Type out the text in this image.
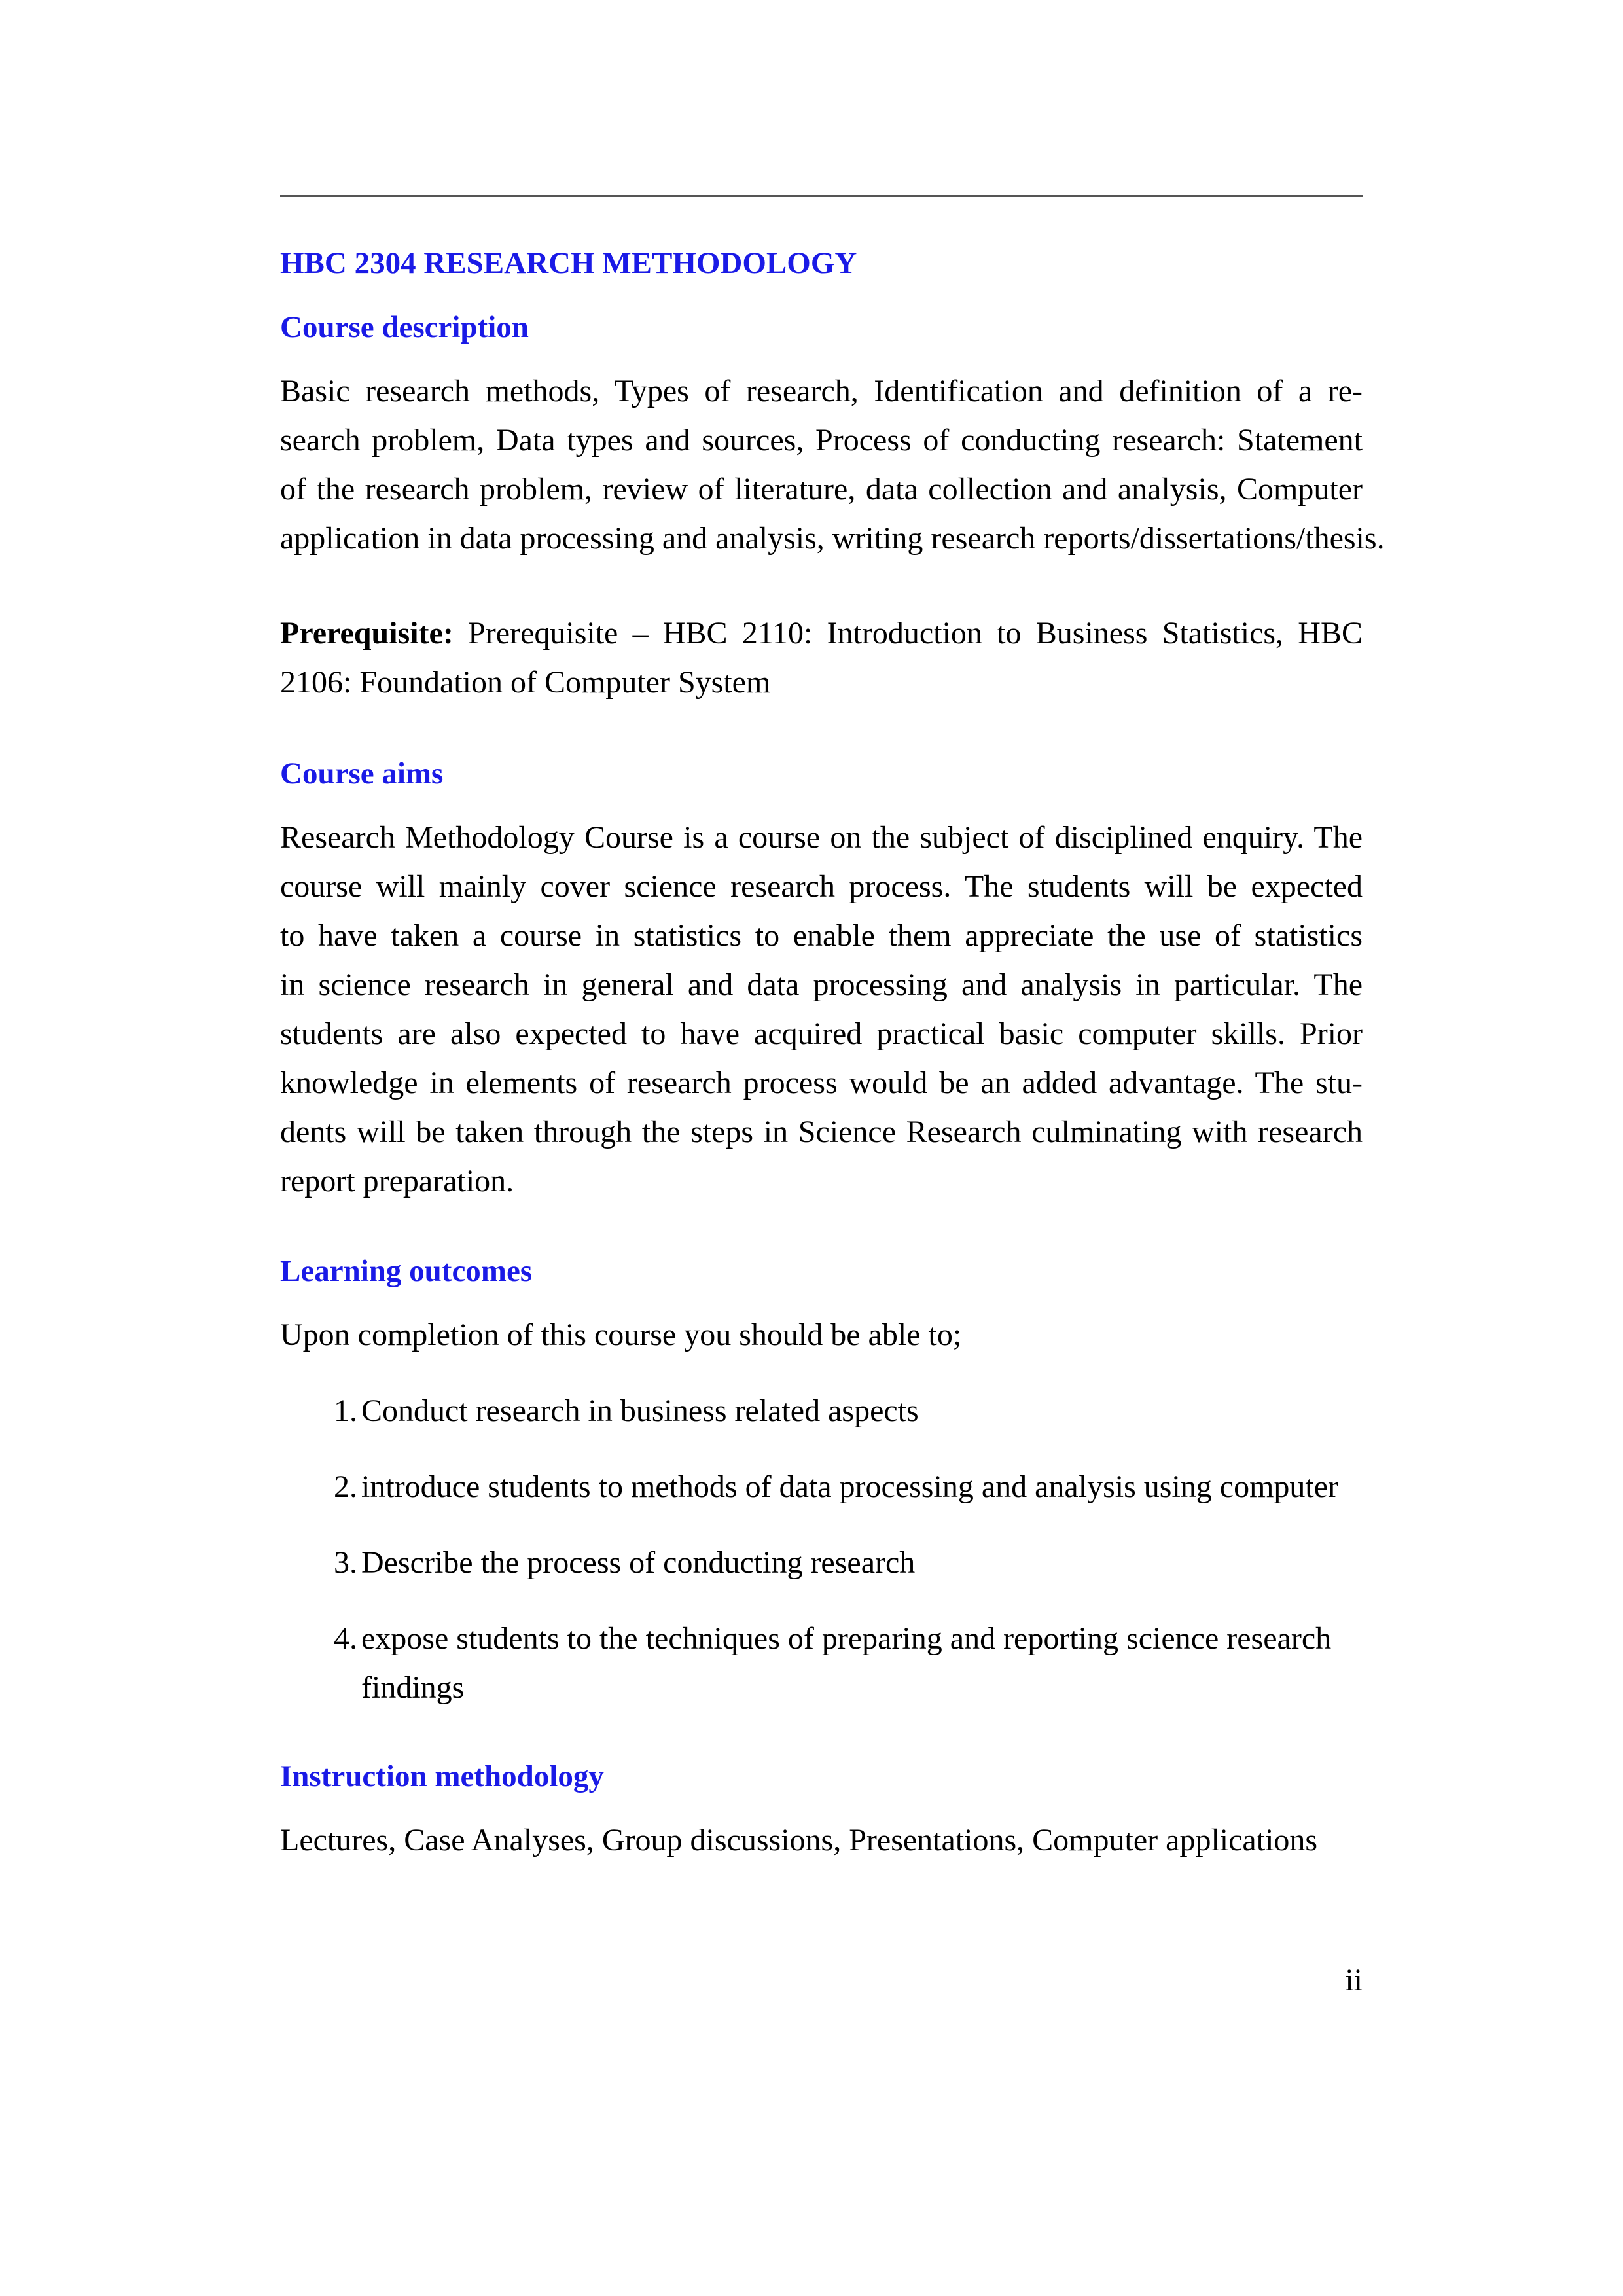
HBC 2304 RESEARCH METHODOLOGY
Course description

Basic research methods, Types of research, Identification and definition of a re-
search problem, Data types and sources, Process of conducting research: Statement
of the research problem, review of literature, data collection and analysis, Computer
application in data processing and analysis, writing research reports/dissertations/thesis.

Prerequisite: Prerequisite – HBC 2110: Introduction to Business Statistics, HBC
2106: Foundation of Computer System

Course aims

Research Methodology Course is a course on the subject of disciplined enquiry. The
course will mainly cover science research process. The students will be expected
to have taken a course in statistics to enable them appreciate the use of statistics
in science research in general and data processing and analysis in particular. The
students are also expected to have acquired practical basic computer skills. Prior
knowledge in elements of research process would be an added advantage. The stu-
dents will be taken through the steps in Science Research culminating with research
report preparation.

Learning outcomes

Upon completion of this course you should be able to;

1. Conduct research in business related aspects
2. introduce students to methods of data processing and analysis using computer
3. Describe the process of conducting research
4. expose students to the techniques of preparing and reporting science research
findings
Instruction methodology

Lectures, Case Analyses, Group discussions, Presentations, Computer applications

ii
